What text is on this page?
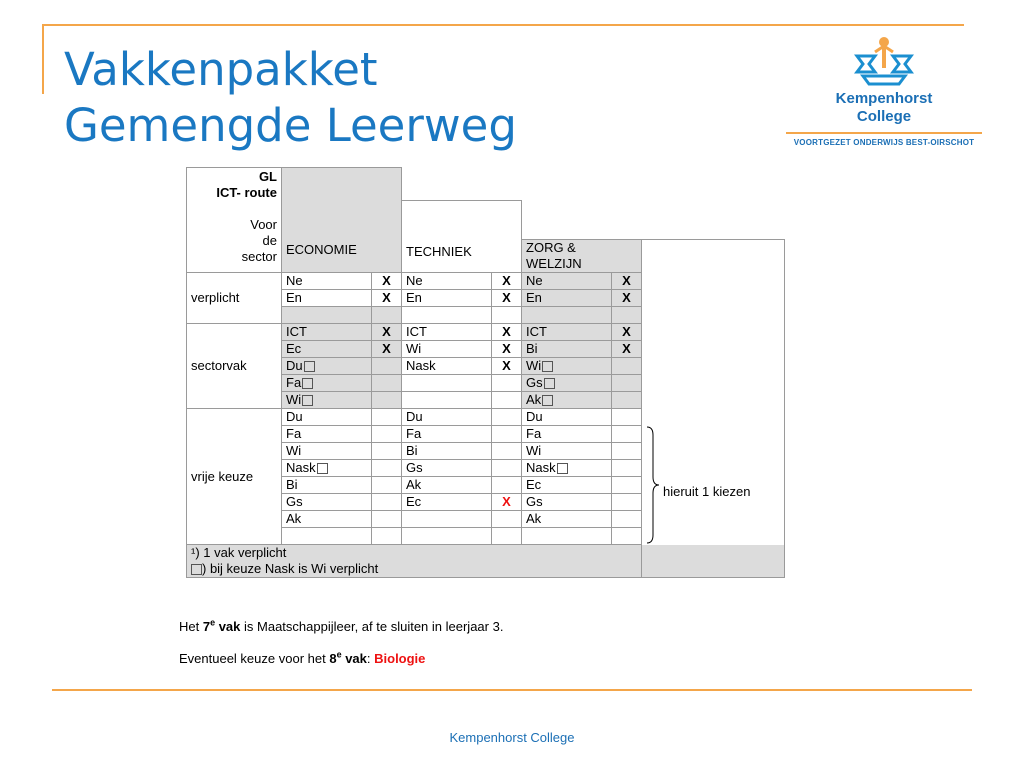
Vakkenpakket
Gemengde Leerweg
Kempenhorst
College
VOORTGEZET ONDERWIJS BEST-OIRSCHOT
GL
ICT- route

Voor
de
sector	ECONOMIE						
			TECHNIEK				
					ZORG &
WELZIJN		

verplicht	Ne	X	Ne	X	Ne	X	
	En	X	En	X	En	X	

sectorvak	ICT	X	ICT	X	ICT	X	
	Ec	X	Wi	X	Bi	X	
	Du		Nask	X	Wi		
	Fa				Gs		
	Wi				Ak		
vrije keuze	Du		Du		Du		
	Fa		Fa		Fa		
	Wi		Bi		Wi		
	Nask		Gs		Nask		
	Bi		Ak		Ec		
	Gs		Ec	X	Gs		
	Ak				Ak		

¹) 1 vak verplicht
) bij keuze Nask is Wi verplicht							
hieruit 1 kiezen

Het 7e vak is Maatschappijleer, af te sluiten in leerjaar 3.

Eventueel keuze voor het 8e vak: Biologie

Kempenhorst College
